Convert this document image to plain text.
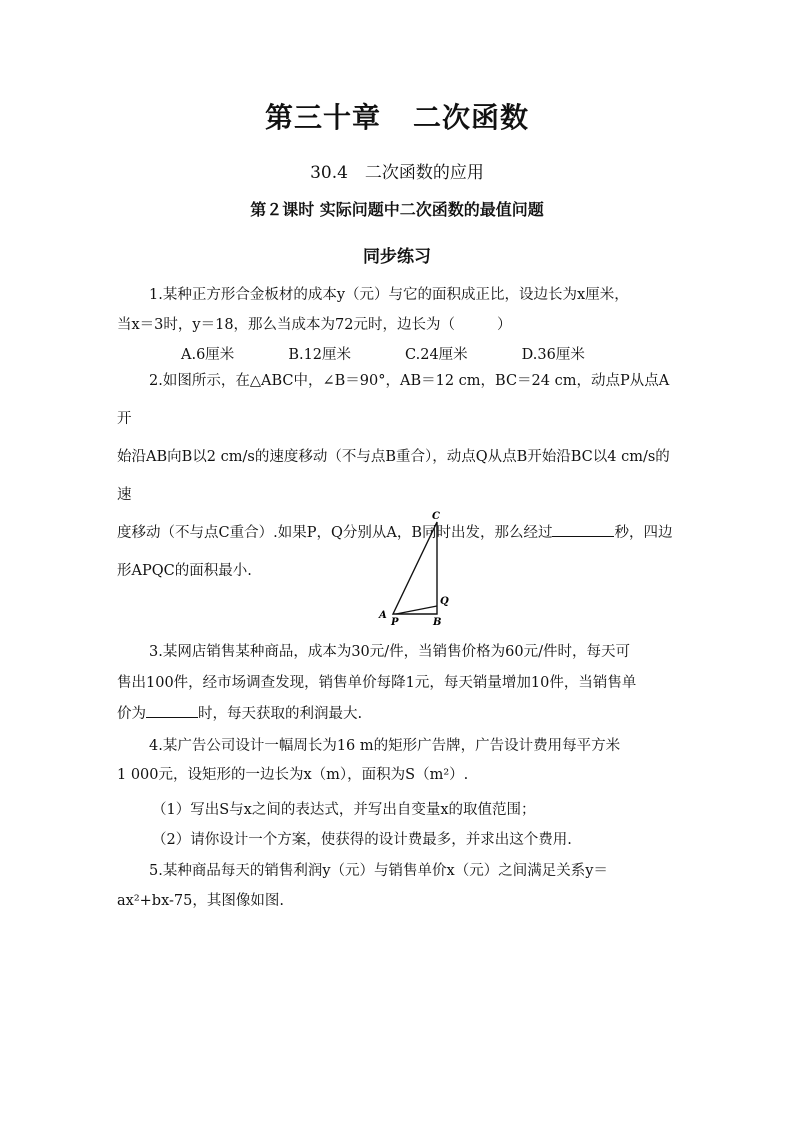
第三十章 二次函数
30.4　二次函数的应用
第２课时 实际问题中二次函数的最值问题
同步练习
1.某种正方形合金板材的成本y（元）与它的面积成正比，设边长为x厘米，
当x＝3时，y＝18，那么当成本为72元时，边长为（	）
A.6厘米	B.12厘米	C.24厘米	D.36厘米
2.如图所示，在△ABC中，∠B＝90°，AB＝12 cm，BC＝24 cm，动点P从点A开
始沿AB向B以2 cm/s的速度移动（不与点B重合），动点Q从点B开始沿BC以4 cm/s的速
度移动（不与点C重合）.如果P，Q分别从A，B同时出发，那么经过	秒，四边
形APQC的面积最小.
C
Q
A
P	B
3.某网店销售某种商品，成本为30元/件，当销售价格为60元/件时，每天可
售出100件，经市场调查发现，销售单价每降1元，每天销量增加10件，当销售单
价为	时，每天获取的利润最大.
4.某广告公司设计一幅周长为16 m的矩形广告牌，广告设计费用每平方米
1 000元，设矩形的一边长为x（m），面积为S（m²）.
（1）写出S与x之间的表达式，并写出自变量x的取值范围；
（2）请你设计一个方案，使获得的设计费最多，并求出这个费用.
5.某种商品每天的销售利润y（元）与销售单价x（元）之间满足关系y＝
ax²+bx-75，其图像如图.
